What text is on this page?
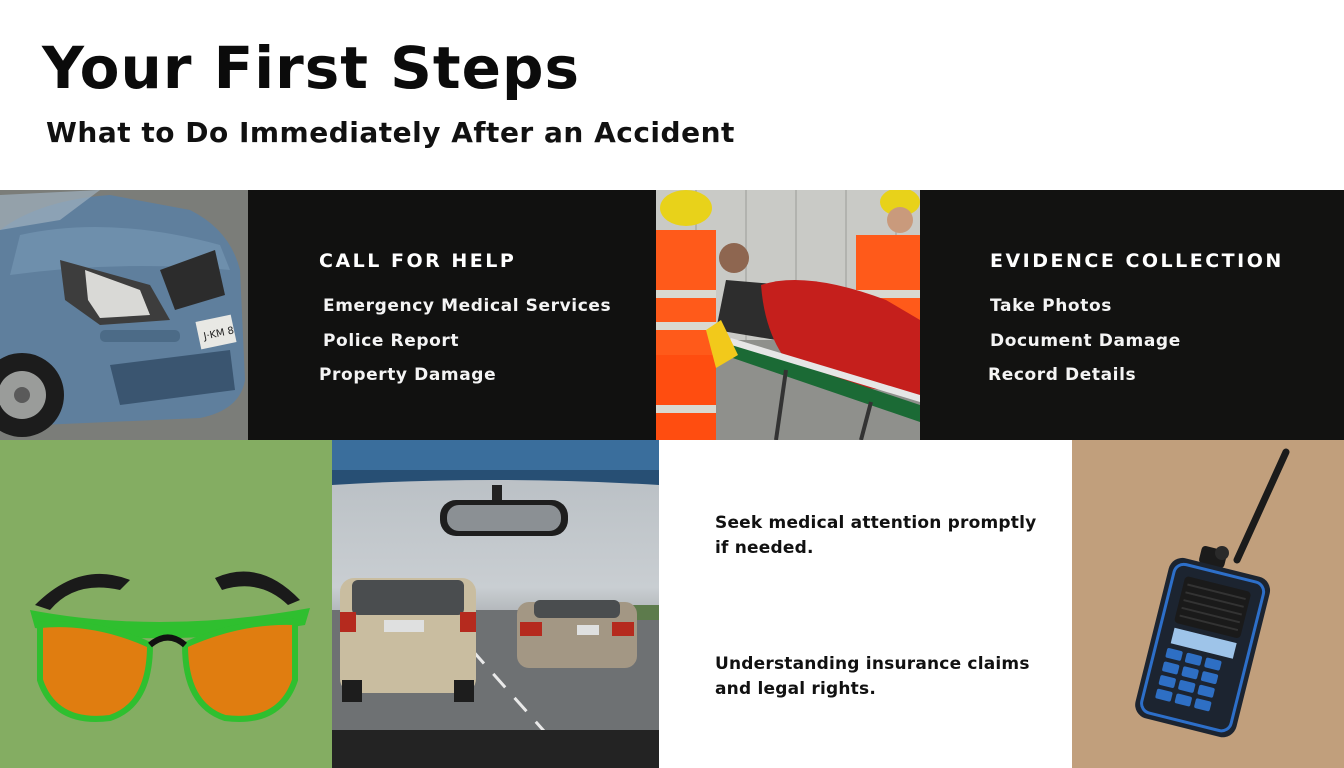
Your First Steps
What to Do Immediately After an Accident
J·KM 8
CALL FOR HELP
Emergency Medical Services
Police Report
Property Damage
EVIDENCE COLLECTION
Take Photos
Document Damage
Record Details
Seek medical attention promptly if needed.
Understanding insurance claims and legal rights.
